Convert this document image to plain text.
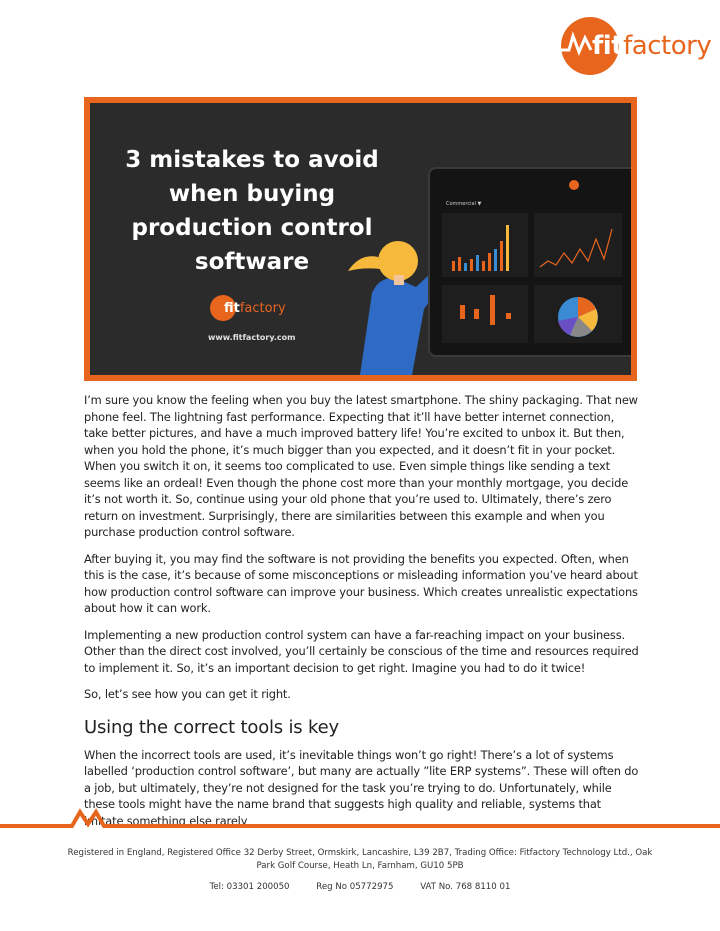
fitfactory
3 mistakes to avoid when buying production control software
fitfactory
www.fitfactory.com
Commercial ▼

I’m sure you know the feeling when you buy the latest smartphone. The shiny packaging. That new phone feel. The lightning fast performance. Expecting that it’ll have better internet connection, take better pictures, and have a much improved battery life! You’re excited to unbox it. But then, when you hold the phone, it’s much bigger than you expected, and it doesn’t fit in your pocket. When you switch it on, it seems too complicated to use. Even simple things like sending a text seems like an ordeal! Even though the phone cost more than your monthly mortgage, you decide it’s not worth it. So, continue using your old phone that you’re used to. Ultimately, there’s zero return on investment. Surprisingly, there are similarities between this example and when you purchase production control software.

After buying it, you may find the software is not providing the benefits you expected. Often, when this is the case, it’s because of some misconceptions or misleading information you’ve heard about how production control software can improve your business. Which creates unrealistic expectations about how it can work.

Implementing a new production control system can have a far-reaching impact on your business. Other than the direct cost involved, you’ll certainly be conscious of the time and resources required to implement it. So, it’s an important decision to get right. Imagine you had to do it twice!

So, let’s see how you can get it right.

Using the correct tools is key

When the incorrect tools are used, it’s inevitable things won’t go right! There’s a lot of systems labelled ‘production control software’, but many are actually ”lite ERP systems”. These will often do a job, but ultimately, they’re not designed for the task you’re trying to do. Unfortunately, while these tools might have the name brand that suggests high quality and reliable, systems that imitate something else rarely

Registered in England, Registered Office 32 Derby Street, Ormskirk, Lancashire, L39 2B7, Trading Office: Fitfactory Technology Ltd., Oak Park Golf Course, Heath Ln, Farnham, GU10 5PB
Tel: 03301 200050	Reg No 05772975	VAT No. 768 8110 01
